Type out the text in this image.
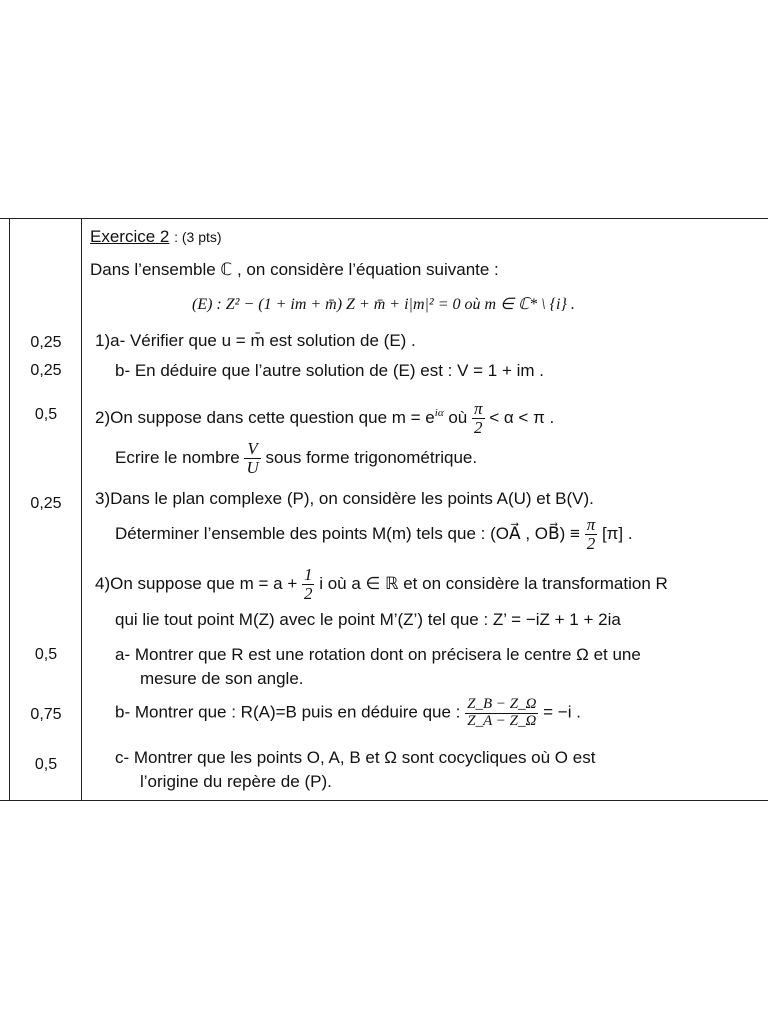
0,25
0,25
0,5
0,25
0,5
0,75
0,5
Exercice 2 : (3 pts)
Dans l’ensemble ℂ , on considère l’équation suivante :
(E) : Z² − (1 + im + m̄) Z + m̄ + i|m|² = 0 où m ∈ ℂ* \ {i} .
1)a- Vérifier que u = m̄ est solution de (E) .
b- En déduire que l’autre solution de (E) est : V = 1 + im .
2)On suppose dans cette question que $m = e^{i\alpha}$ où $\frac{\pi}{2} < \alpha < \pi$ .
Ecrire le nombre $\frac{V}{U}$ sous forme trigonométrique.
3)Dans le plan complexe (P), on considère les points A(U) et B(V).
Déterminer l’ensemble des points M(m) tels que : (OA⃗ , OB⃗) ≡ $\frac{\pi}{2} [\pi]$ .
4)On suppose que $m = a + \frac{1}{2}$ i où a ∈ ℝ et on considère la transformation R
qui lie tout point M(Z) avec le point M’(Z’) tel que : Z’ = −iZ + 1 + 2ia
a- Montrer que R est une rotation dont on précisera le centre Ω et une
mesure de son angle.
b- Montrer que : R(A)=B puis en déduire que : $\frac{Z\_B - Z\_\Omega}{Z\_A - Z\_\Omega} = -i$ .
c- Montrer que les points O, A, B et Ω sont cocycliques où O est
l’origine du repère de (P).
